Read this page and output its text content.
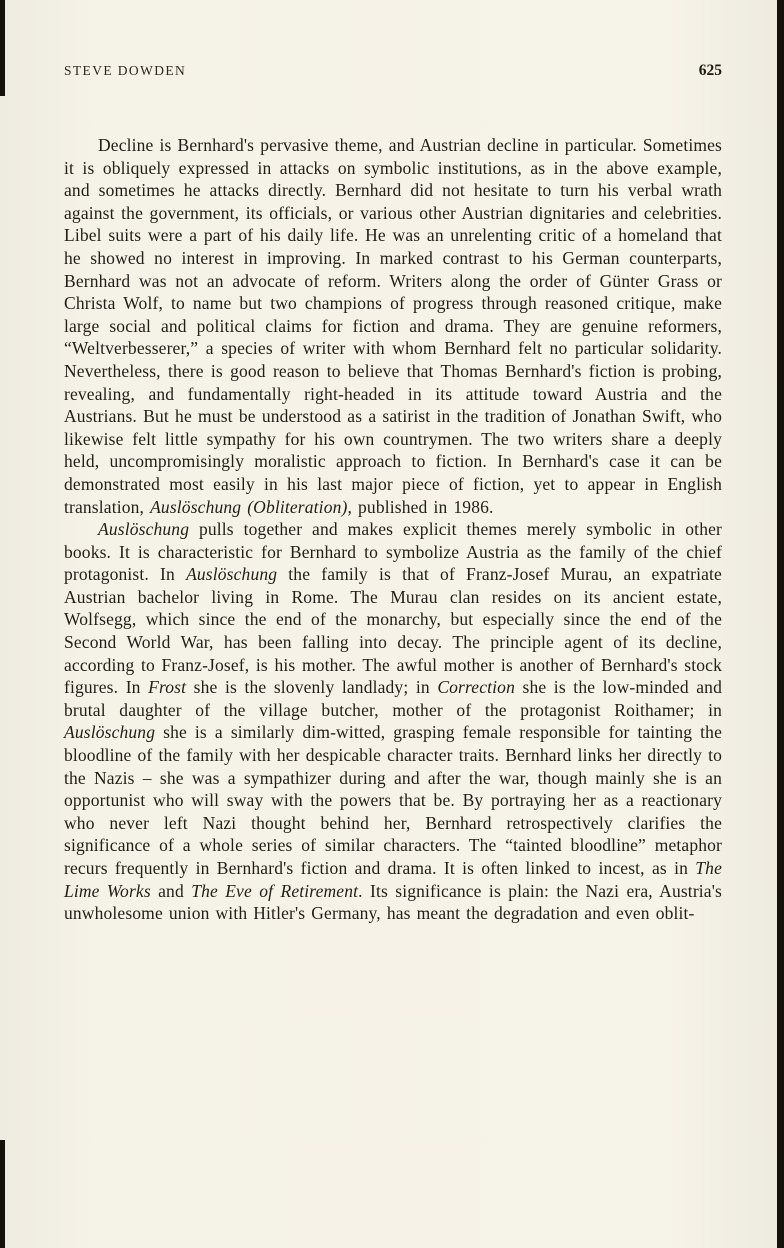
STEVE DOWDEN	625

Decline is Bernhard's pervasive theme, and Austrian decline in particular. Sometimes it is obliquely expressed in attacks on symbolic institutions, as in the above example, and sometimes he attacks directly. Bernhard did not hesitate to turn his verbal wrath against the government, its officials, or various other Austrian dignitaries and celebrities. Libel suits were a part of his daily life. He was an unrelenting critic of a homeland that he showed no interest in improving. In marked contrast to his German counterparts, Bernhard was not an advocate of reform. Writers along the order of Günter Grass or Christa Wolf, to name but two champions of progress through reasoned critique, make large social and political claims for fiction and drama. They are genuine reformers, “Weltverbesserer,” a species of writer with whom Bernhard felt no particular solidarity. Nevertheless, there is good reason to believe that Thomas Bernhard's fiction is probing, revealing, and fundamentally right-headed in its attitude toward Austria and the Austrians. But he must be understood as a satirist in the tradition of Jonathan Swift, who likewise felt little sympathy for his own countrymen. The two writers share a deeply held, uncompromisingly moralistic approach to fiction. In Bernhard's case it can be demonstrated most easily in his last major piece of fiction, yet to appear in English translation, Auslöschung (Obliteration), published in 1986.

Auslöschung pulls together and makes explicit themes merely symbolic in other books. It is characteristic for Bernhard to symbolize Austria as the family of the chief protagonist. In Auslöschung the family is that of Franz-Josef Murau, an expatriate Austrian bachelor living in Rome. The Murau clan resides on its ancient estate, Wolfsegg, which since the end of the monarchy, but especially since the end of the Second World War, has been falling into decay. The principle agent of its decline, according to Franz-Josef, is his mother. The awful mother is another of Bernhard's stock figures. In Frost she is the slovenly landlady; in Correction she is the low-minded and brutal daughter of the village butcher, mother of the protagonist Roithamer; in Auslöschung she is a similarly dim-witted, grasping female responsible for tainting the bloodline of the family with her despicable character traits. Bernhard links her directly to the Nazis – she was a sympathizer during and after the war, though mainly she is an opportunist who will sway with the powers that be. By portraying her as a reactionary who never left Nazi thought behind her, Bernhard retrospectively clarifies the significance of a whole series of similar characters. The “tainted bloodline” metaphor recurs frequently in Bernhard's fiction and drama. It is often linked to incest, as in The Lime Works and The Eve of Retirement. Its significance is plain: the Nazi era, Austria's unwholesome union with Hitler's Germany, has meant the degradation and even oblit-
